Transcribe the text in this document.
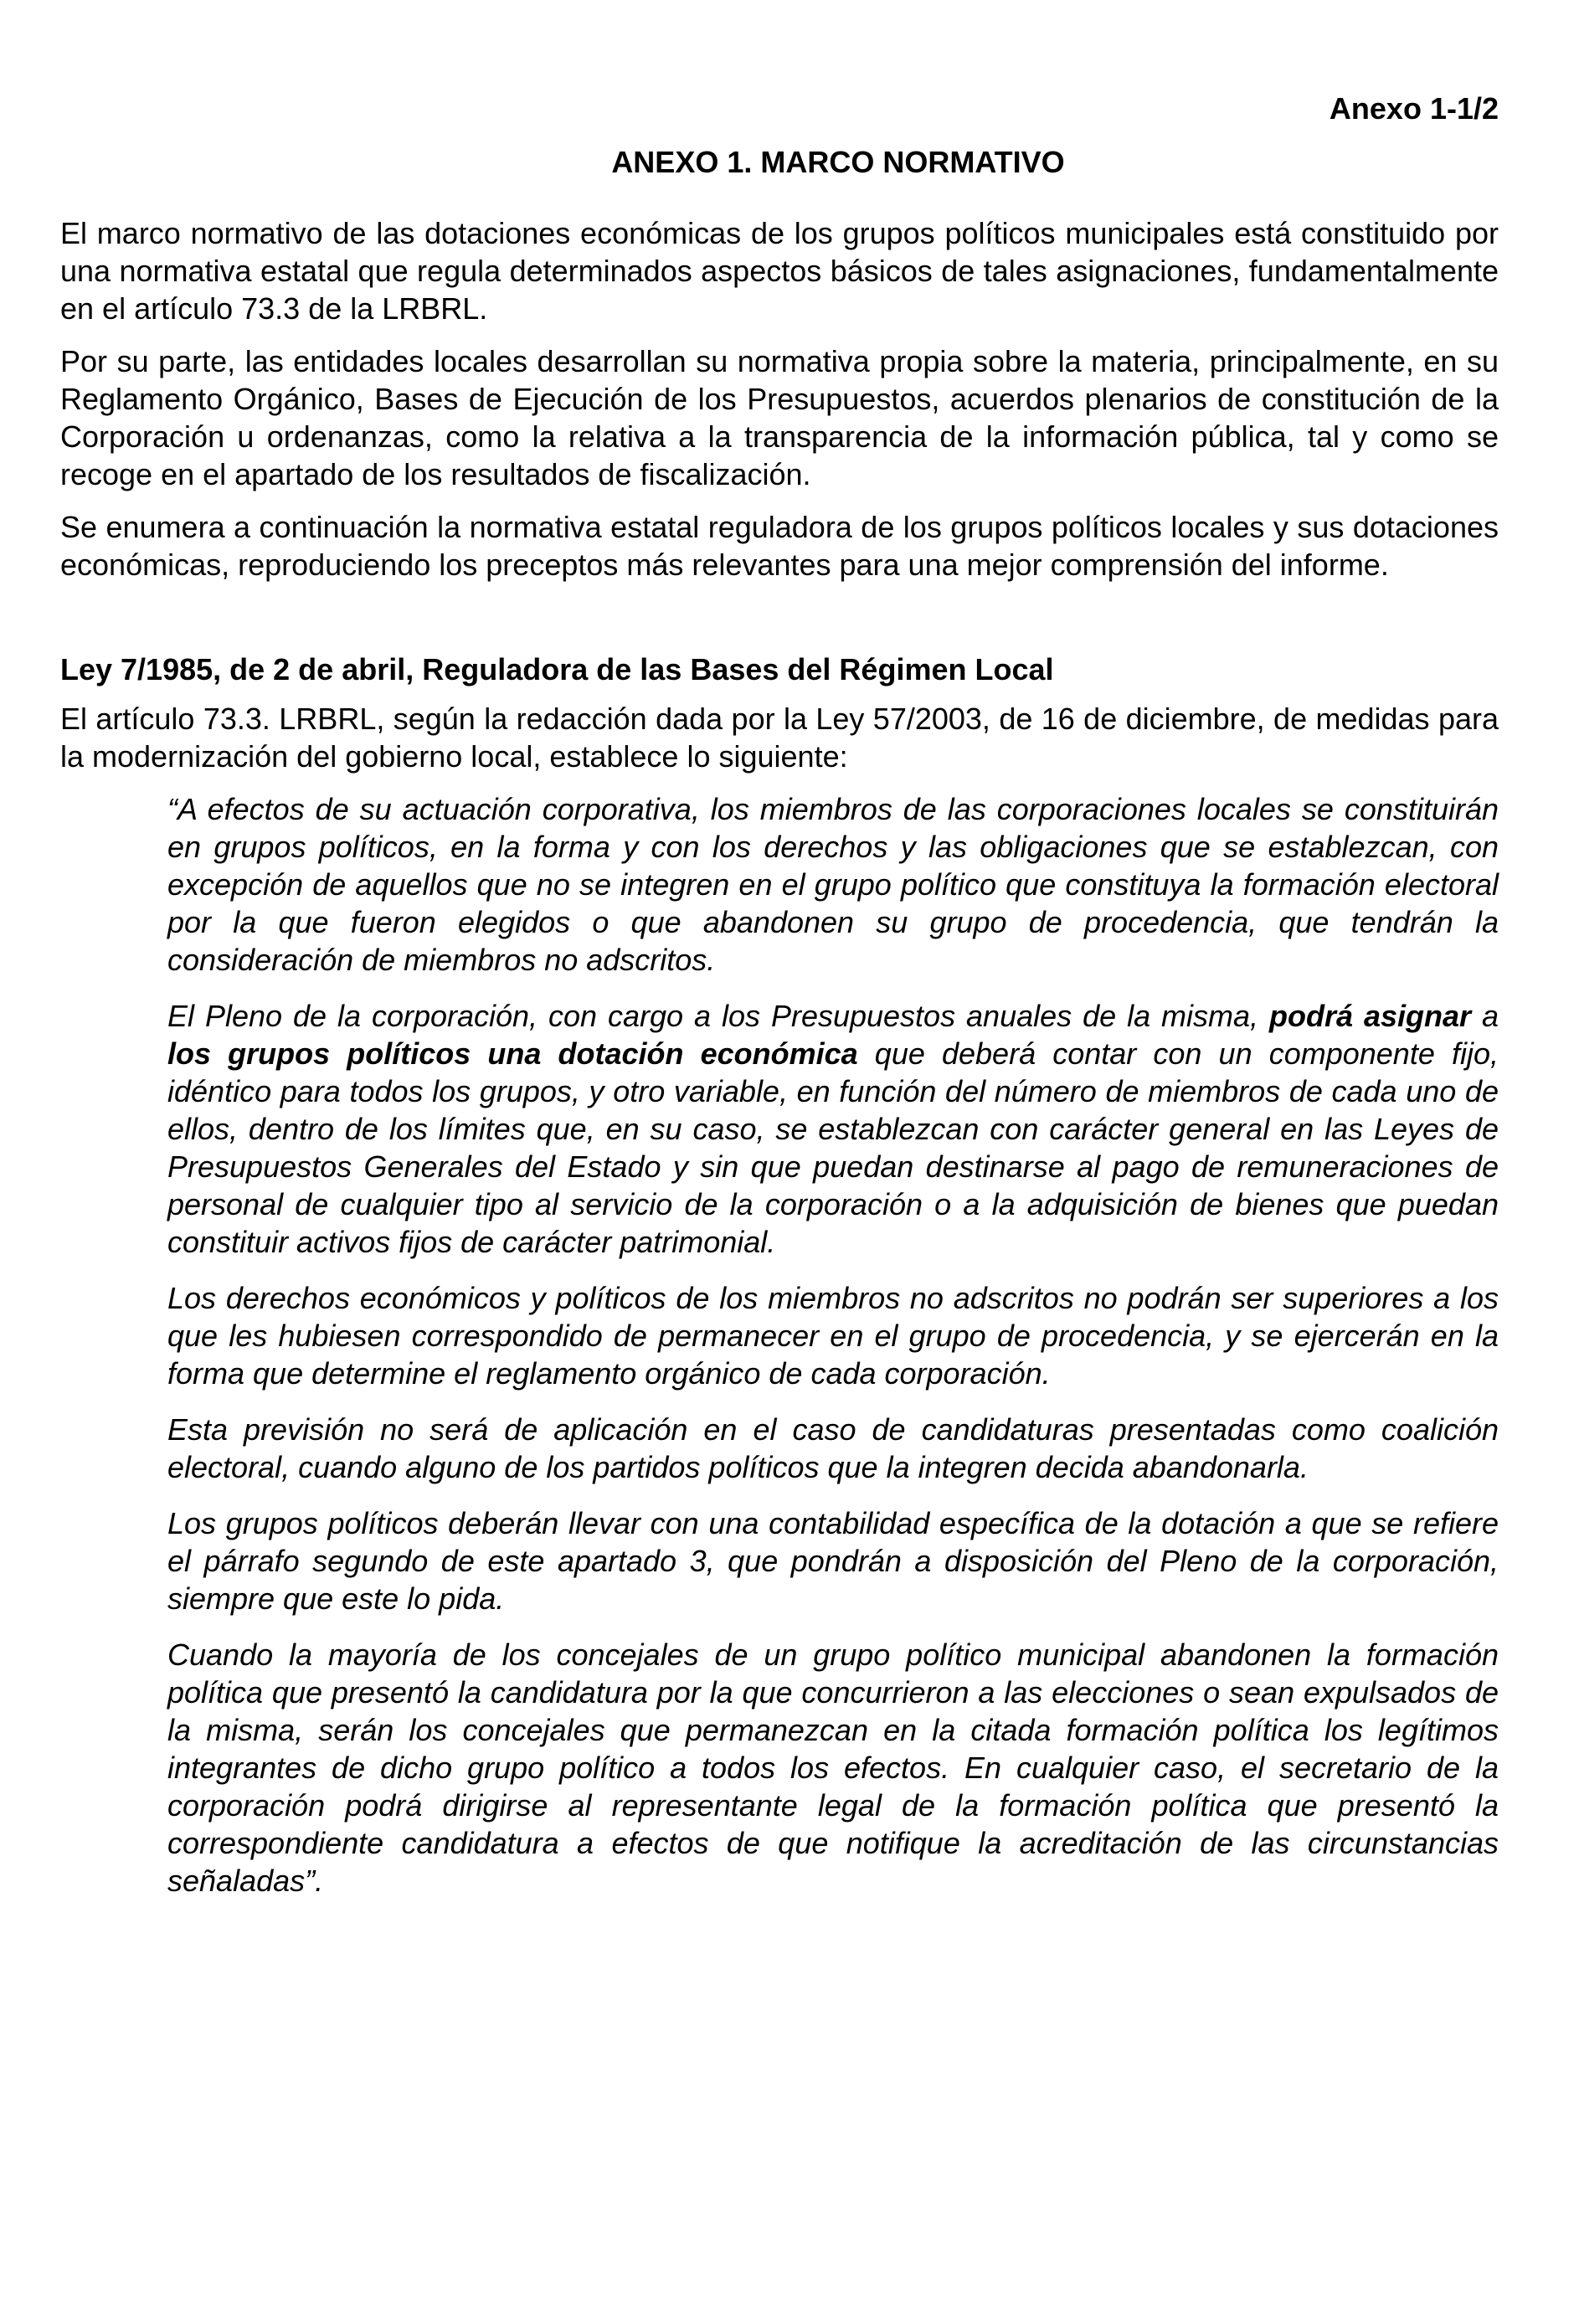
Anexo 1-1/2
ANEXO 1. MARCO NORMATIVO

El marco normativo de las dotaciones económicas de los grupos políticos municipales está constituido por una normativa estatal que regula determinados aspectos básicos de tales asignaciones, fundamentalmente en el artículo 73.3 de la LRBRL.

Por su parte, las entidades locales desarrollan su normativa propia sobre la materia, principalmente, en su Reglamento Orgánico, Bases de Ejecución de los Presupuestos, acuerdos plenarios de constitución de la Corporación u ordenanzas, como la relativa a la transparencia de la información pública, tal y como se recoge en el apartado de los resultados de fiscalización.

Se enumera a continuación la normativa estatal reguladora de los grupos políticos locales y sus dotaciones económicas, reproduciendo los preceptos más relevantes para una mejor comprensión del informe.

Ley 7/1985, de 2 de abril, Reguladora de las Bases del Régimen Local

El artículo 73.3. LRBRL, según la redacción dada por la Ley 57/2003, de 16 de diciembre, de medidas para la modernización del gobierno local, establece lo siguiente:

“A efectos de su actuación corporativa, los miembros de las corporaciones locales se constituirán en grupos políticos, en la forma y con los derechos y las obligaciones que se establezcan, con excepción de aquellos que no se integren en el grupo político que constituya la formación electoral por la que fueron elegidos o que abandonen su grupo de procedencia, que tendrán la consideración de miembros no adscritos.

El Pleno de la corporación, con cargo a los Presupuestos anuales de la misma, podrá asignar a los grupos políticos una dotación económica que deberá contar con un componente fijo, idéntico para todos los grupos, y otro variable, en función del número de miembros de cada uno de ellos, dentro de los límites que, en su caso, se establezcan con carácter general en las Leyes de Presupuestos Generales del Estado y sin que puedan destinarse al pago de remuneraciones de personal de cualquier tipo al servicio de la corporación o a la adquisición de bienes que puedan constituir activos fijos de carácter patrimonial.

Los derechos económicos y políticos de los miembros no adscritos no podrán ser superiores a los que les hubiesen correspondido de permanecer en el grupo de procedencia, y se ejercerán en la forma que determine el reglamento orgánico de cada corporación.

Esta previsión no será de aplicación en el caso de candidaturas presentadas como coalición electoral, cuando alguno de los partidos políticos que la integren decida abandonarla.

Los grupos políticos deberán llevar con una contabilidad específica de la dotación a que se refiere el párrafo segundo de este apartado 3, que pondrán a disposición del Pleno de la corporación, siempre que este lo pida.

Cuando la mayoría de los concejales de un grupo político municipal abandonen la formación política que presentó la candidatura por la que concurrieron a las elecciones o sean expulsados de la misma, serán los concejales que permanezcan en la citada formación política los legítimos integrantes de dicho grupo político a todos los efectos. En cualquier caso, el secretario de la corporación podrá dirigirse al representante legal de la formación política que presentó la correspondiente candidatura a efectos de que notifique la acreditación de las circunstancias señaladas”.
